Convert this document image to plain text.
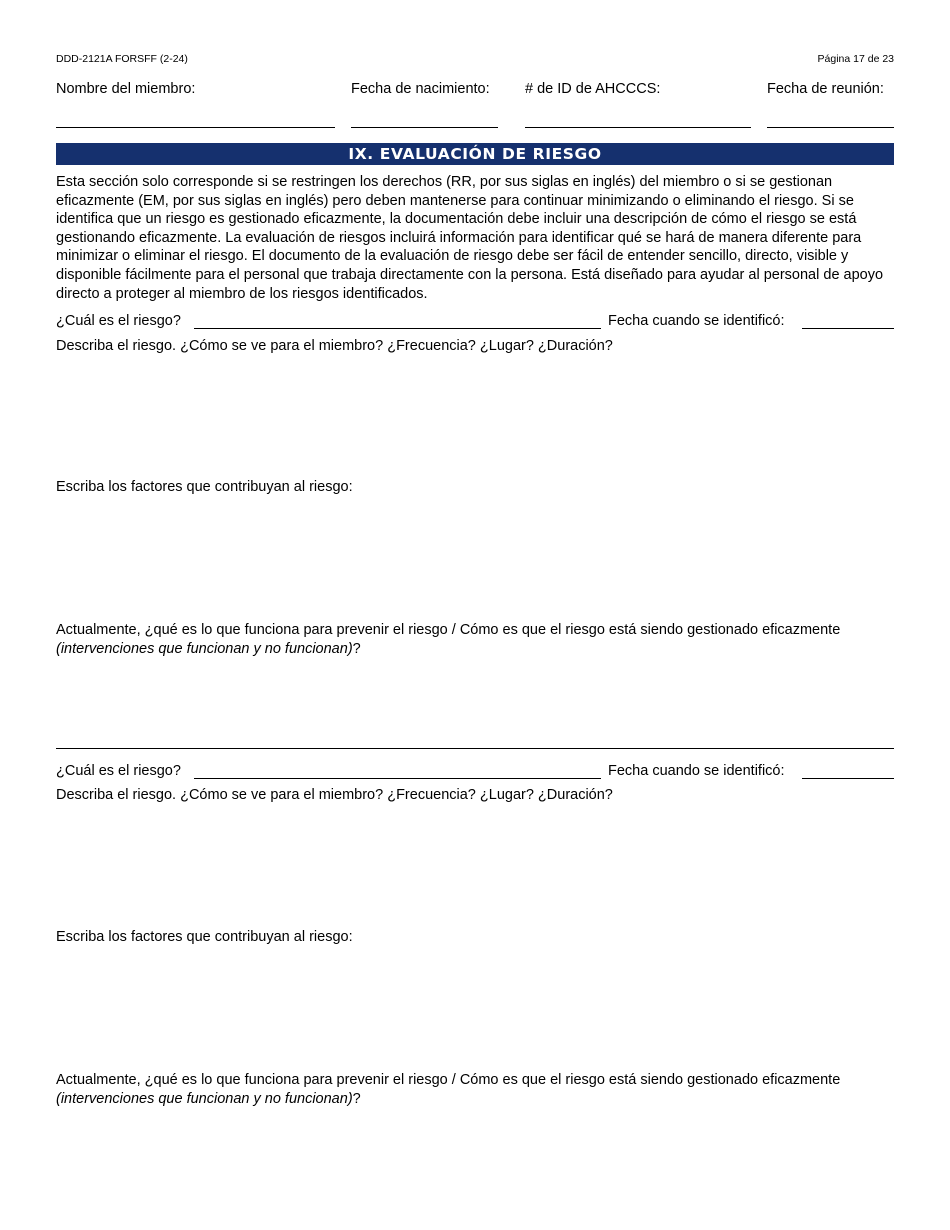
DDD-2121A FORSFF (2-24)	Página 17 de 23
Nombre del miembro:	Fecha de nacimiento: # de ID de AHCCCS:	Fecha de reunión:
IX. EVALUACIÓN DE RIESGO
Esta sección solo corresponde si se restringen los derechos (RR, por sus siglas en inglés) del miembro o si se gestionan eficazmente (EM, por sus siglas en inglés) pero deben mantenerse para continuar minimizando o eliminando el riesgo. Si se identifica que un riesgo es gestionado eficazmente, la documentación debe incluir una descripción de cómo el riesgo se está gestionando eficazmente. La evaluación de riesgos incluirá información para identificar qué se hará de manera diferente para minimizar o eliminar el riesgo. El documento de la evaluación de riesgo debe ser fácil de entender sencillo, directo, visible y disponible fácilmente para el personal que trabaja directamente con la persona. Está diseñado para ayudar al personal de apoyo directo a proteger al miembro de los riesgos identificados.
¿Cuál es el riesgo?	Fecha cuando se identificó:
Describa el riesgo. ¿Cómo se ve para el miembro? ¿Frecuencia? ¿Lugar? ¿Duración?
Escriba los factores que contribuyan al riesgo:
Actualmente, ¿qué es lo que funciona para prevenir el riesgo / Cómo es que el riesgo está siendo gestionado eficazmente
(intervenciones que funcionan y no funcionan)?
¿Cuál es el riesgo?	Fecha cuando se identificó:
Describa el riesgo. ¿Cómo se ve para el miembro? ¿Frecuencia? ¿Lugar? ¿Duración?
Escriba los factores que contribuyan al riesgo:
Actualmente, ¿qué es lo que funciona para prevenir el riesgo / Cómo es que el riesgo está siendo gestionado eficazmente
(intervenciones que funcionan y no funcionan)?
